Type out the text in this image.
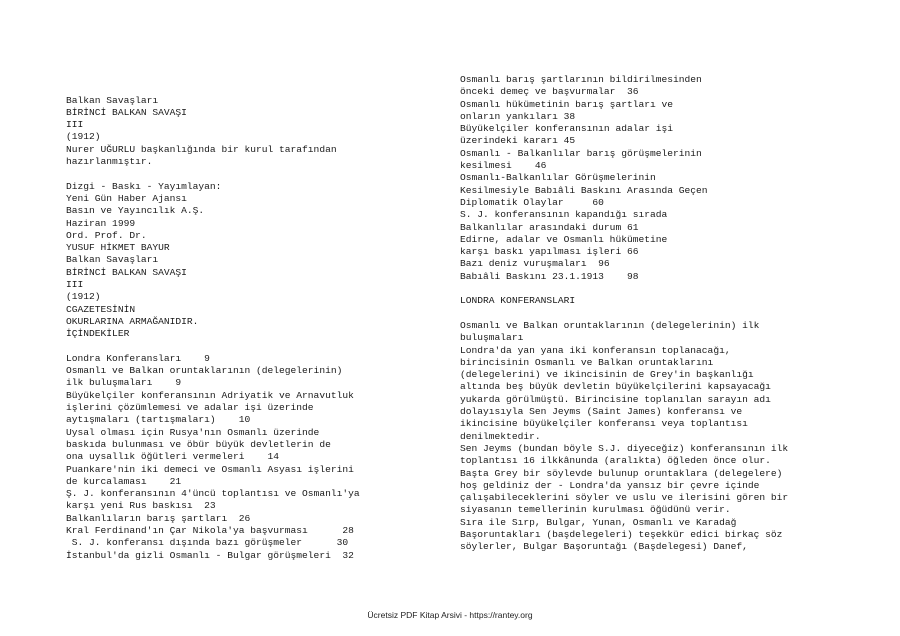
Balkan Savaşları
BİRİNCİ BALKAN SAVAŞI
III
(1912)
Nurer UĞURLU başkanlığında bir kurul tarafından
hazırlanmıştır.
Dizgi - Baskı - Yayımlayan:
Yeni Gün Haber Ajansı
Basın ve Yayıncılık A.Ş.
Haziran 1999
Ord. Prof. Dr.
YUSUF HİKMET BAYUR
Balkan Savaşları
BİRİNCİ BALKAN SAVAŞI
III
(1912)
CGAZETESİNİN
OKURLARINA ARMAĞANIDIR.
İÇİNDEKİLER
Londra Konferansları    9
Osmanlı ve Balkan oruntaklarının (delegelerinin)
ilk buluşmaları    9
Büyükelçiler konferansının Adriyatik ve Arnavutluk
işlerini çözümlemesi ve adalar işi üzerinde
aytışmaları (tartışmaları)    10
Uysal olması için Rusya'nın Osmanlı üzerinde
baskıda bulunması ve öbür büyük devletlerin de
ona uysallık öğütleri vermeleri    14
Puankare'nin iki demeci ve Osmanlı Asyası işlerini
de kurcalaması    21
Ş. J. konferansının 4'üncü toplantısı ve Osmanlı'ya
karşı yeni Rus baskısı  23
Balkanlıların barış şartları  26
Kral Ferdinand'ın Çar Nikola'ya başvurması      28
S. J. konferansı dışında bazı görüşmeler      30
İstanbul'da gizli Osmanlı - Bulgar görüşmeleri  32
Osmanlı barış şartlarının bildirilmesinden
önceki demeç ve başvurmalar  36
Osmanlı hükümetinin barış şartları ve
onların yankıları 38
Büyükelçiler konferansının adalar işi
üzerindeki kararı 45
Osmanlı - Balkanlılar barış görüşmelerinin
kesilmesi    46
Osmanlı-Balkanlılar Görüşmelerinin
Kesilmesiyle Babıâli Baskını Arasında Geçen
Diplomatik Olaylar     60
S. J. konferansının kapandığı sırada
Balkanlılar arasındaki durum 61
Edirne, adalar ve Osmanlı hükümetine
karşı baskı yapılması işleri 66
Bazı deniz vuruşmaları  96
Babıâli Baskını 23.1.1913    98
LONDRA KONFERANSLARI
Osmanlı ve Balkan oruntaklarının (delegelerinin) ilk
buluşmaları
Londra'da yan yana iki konferansın toplanacağı,
birincisinin Osmanlı ve Balkan oruntaklarını
(delegelerini) ve ikincisinin de Grey'in başkanlığı
altında beş büyük devletin büyükelçilerini kapsayacağı
yukarda görülmüştü. Birincisine toplanılan sarayın adı
dolayısıyla Sen Jeyms (Saint James) konferansı ve
ikincisine büyükelçiler konferansı veya toplantısı
denilmektedir.
Sen Jeyms (bundan böyle S.J. diyeceğiz) konferansının ilk
toplantısı 16 ilkkânunda (aralıkta) öğleden önce olur.
Başta Grey bir söylevde bulunup oruntaklara (delegelere)
hoş geldiniz der - Londra'da yansız bir çevre içinde
çalışabileceklerini söyler ve uslu ve ilerisini gören bir
siyasanın temellerinin kurulması öğüdünü verir.
Sıra ile Sırp, Bulgar, Yunan, Osmanlı ve Karadağ
Başoruntakları (başdelegeleri) teşekkür edici birkaç söz
söylerler, Bulgar Başoruntağı (Başdelegesi) Danef,
Ücretsiz PDF Kitap Arsivi - https://rantey.org
